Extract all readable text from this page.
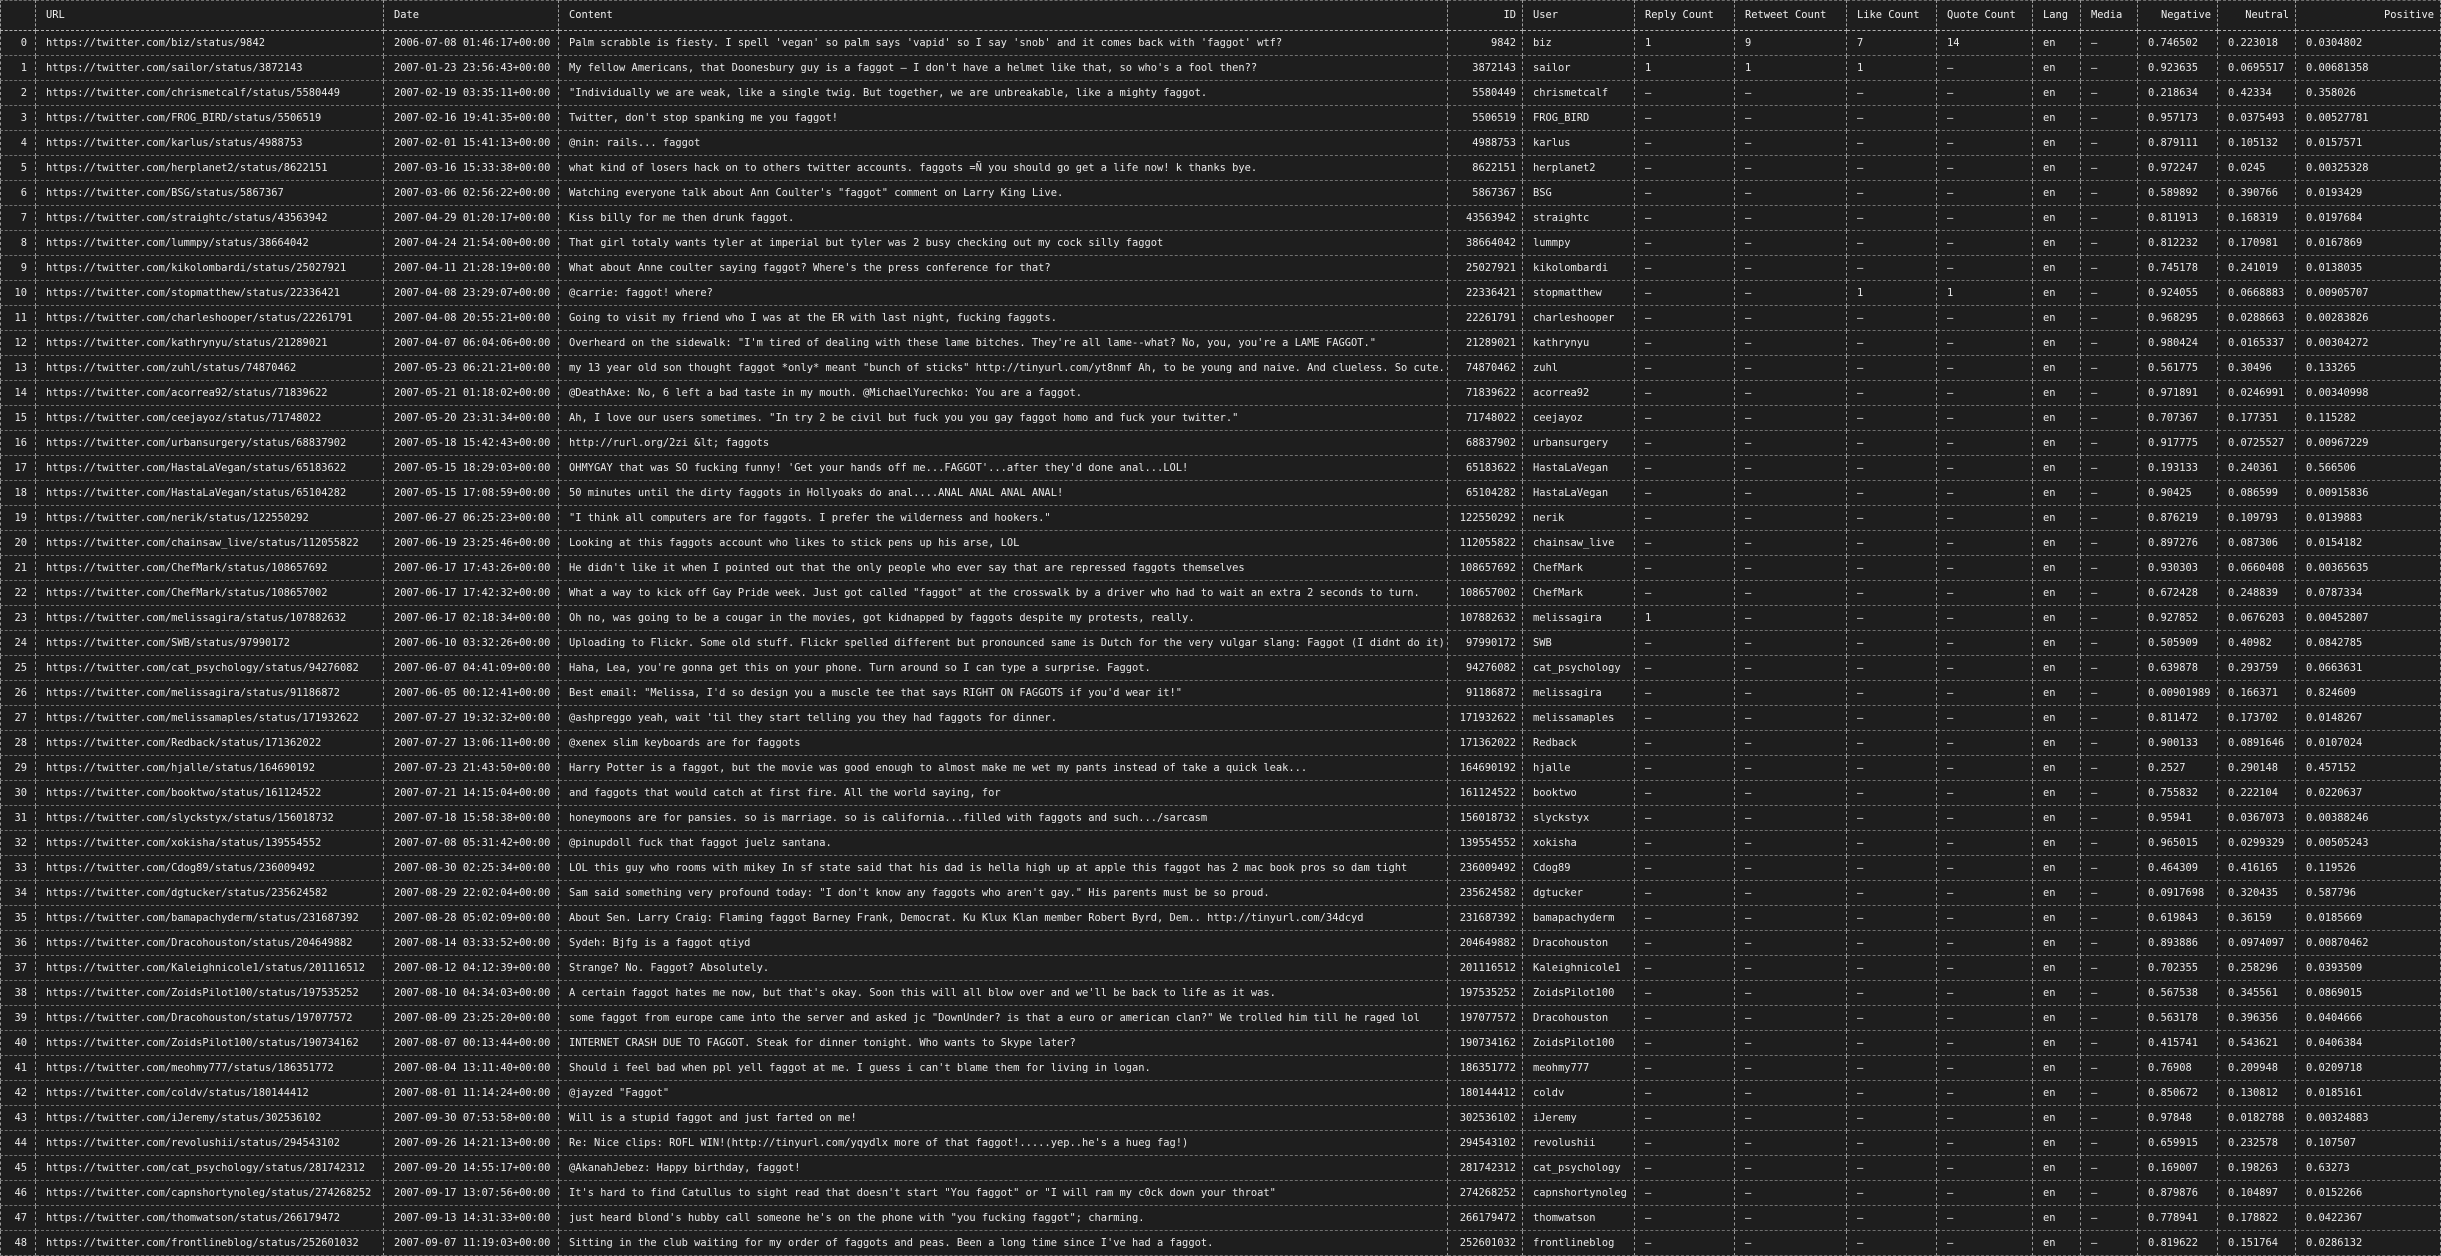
	URL	Date	Content	ID	User	Reply Count	Retweet Count	Like Count	Quote Count	Lang	Media	Negative	Neutral	Positive
0	https://twitter.com/biz/status/9842	2006-07-08 01:46:17+00:00	Palm scrabble is fiesty. I spell 'vegan' so palm says 'vapid' so I say 'snob' and it comes back with 'faggot' wtf?	9842	biz	1	9	7	14	en	–	0.746502	0.223018	0.0304802
1	https://twitter.com/sailor/status/3872143	2007-01-23 23:56:43+00:00	My fellow Americans, that Doonesbury guy is a faggot – I don't have a helmet like that, so who's a fool then??	3872143	sailor	1	1	1	–	en	–	0.923635	0.0695517	0.00681358
2	https://twitter.com/chrismetcalf/status/5580449	2007-02-19 03:35:11+00:00	"Individually we are weak, like a single twig. But together, we are unbreakable, like a mighty faggot.	5580449	chrismetcalf	–	–	–	–	en	–	0.218634	0.42334	0.358026
3	https://twitter.com/FROG_BIRD/status/5506519	2007-02-16 19:41:35+00:00	Twitter, don't stop spanking me you faggot!	5506519	FROG_BIRD	–	–	–	–	en	–	0.957173	0.0375493	0.00527781
4	https://twitter.com/karlus/status/4988753	2007-02-01 15:41:13+00:00	@nin: rails... faggot	4988753	karlus	–	–	–	–	en	–	0.879111	0.105132	0.0157571
5	https://twitter.com/herplanet2/status/8622151	2007-03-16 15:33:38+00:00	what kind of losers hack on to others twitter accounts. faggots =Ñ you should go get a life now! k thanks bye.	8622151	herplanet2	–	–	–	–	en	–	0.972247	0.0245	0.00325328
6	https://twitter.com/BSG/status/5867367	2007-03-06 02:56:22+00:00	Watching everyone talk about Ann Coulter's "faggot" comment on Larry King Live.	5867367	BSG	–	–	–	–	en	–	0.589892	0.390766	0.0193429
7	https://twitter.com/straightc/status/43563942	2007-04-29 01:20:17+00:00	Kiss billy for me then drunk faggot.	43563942	straightc	–	–	–	–	en	–	0.811913	0.168319	0.0197684
8	https://twitter.com/lummpy/status/38664042	2007-04-24 21:54:00+00:00	That girl totaly wants tyler at imperial but tyler was 2 busy checking out my cock silly faggot	38664042	lummpy	–	–	–	–	en	–	0.812232	0.170981	0.0167869
9	https://twitter.com/kikolombardi/status/25027921	2007-04-11 21:28:19+00:00	What about Anne coulter saying faggot? Where's the press conference for that?	25027921	kikolombardi	–	–	–	–	en	–	0.745178	0.241019	0.0138035
10	https://twitter.com/stopmatthew/status/22336421	2007-04-08 23:29:07+00:00	@carrie: faggot! where?	22336421	stopmatthew	–	–	1	1	en	–	0.924055	0.0668883	0.00905707
11	https://twitter.com/charleshooper/status/22261791	2007-04-08 20:55:21+00:00	Going to visit my friend who I was at the ER with last night, fucking faggots.	22261791	charleshooper	–	–	–	–	en	–	0.968295	0.0288663	0.00283826
12	https://twitter.com/kathrynyu/status/21289021	2007-04-07 06:04:06+00:00	Overheard on the sidewalk: "I'm tired of dealing with these lame bitches. They're all lame--what? No, you, you're a LAME FAGGOT."	21289021	kathrynyu	–	–	–	–	en	–	0.980424	0.0165337	0.00304272
13	https://twitter.com/zuhl/status/74870462	2007-05-23 06:21:21+00:00	my 13 year old son thought faggot *only* meant "bunch of sticks" http://tinyurl.com/yt8nmf Ah, to be young and naive. And clueless. So cute.	74870462	zuhl	–	–	–	–	en	–	0.561775	0.30496	0.133265
14	https://twitter.com/acorrea92/status/71839622	2007-05-21 01:18:02+00:00	@DeathAxe: No, 6 left a bad taste in my mouth. @MichaelYurechko: You are a faggot.	71839622	acorrea92	–	–	–	–	en	–	0.971891	0.0246991	0.00340998
15	https://twitter.com/ceejayoz/status/71748022	2007-05-20 23:31:34+00:00	Ah, I love our users sometimes. "In try 2 be civil but fuck you you gay faggot homo and fuck your twitter."	71748022	ceejayoz	–	–	–	–	en	–	0.707367	0.177351	0.115282
16	https://twitter.com/urbansurgery/status/68837902	2007-05-18 15:42:43+00:00	http://rurl.org/2zi &lt; faggots	68837902	urbansurgery	–	–	–	–	en	–	0.917775	0.0725527	0.00967229
17	https://twitter.com/HastaLaVegan/status/65183622	2007-05-15 18:29:03+00:00	OHMYGAY that was SO fucking funny! 'Get your hands off me...FAGGOT'...after they'd done anal...LOL!	65183622	HastaLaVegan	–	–	–	–	en	–	0.193133	0.240361	0.566506
18	https://twitter.com/HastaLaVegan/status/65104282	2007-05-15 17:08:59+00:00	50 minutes until the dirty faggots in Hollyoaks do anal....ANAL ANAL ANAL ANAL!	65104282	HastaLaVegan	–	–	–	–	en	–	0.90425	0.086599	0.00915836
19	https://twitter.com/nerik/status/122550292	2007-06-27 06:25:23+00:00	"I think all computers are for faggots. I prefer the wilderness and hookers."	122550292	nerik	–	–	–	–	en	–	0.876219	0.109793	0.0139883
20	https://twitter.com/chainsaw_live/status/112055822	2007-06-19 23:25:46+00:00	Looking at this faggots account who likes to stick pens up his arse, LOL	112055822	chainsaw_live	–	–	–	–	en	–	0.897276	0.087306	0.0154182
21	https://twitter.com/ChefMark/status/108657692	2007-06-17 17:43:26+00:00	He didn't like it when I pointed out that the only people who ever say that are repressed faggots themselves	108657692	ChefMark	–	–	–	–	en	–	0.930303	0.0660408	0.00365635
22	https://twitter.com/ChefMark/status/108657002	2007-06-17 17:42:32+00:00	What a way to kick off Gay Pride week. Just got called "faggot" at the crosswalk by a driver who had to wait an extra 2 seconds to turn.	108657002	ChefMark	–	–	–	–	en	–	0.672428	0.248839	0.0787334
23	https://twitter.com/melissagira/status/107882632	2007-06-17 02:18:34+00:00	Oh no, was going to be a cougar in the movies, got kidnapped by faggots despite my protests, really.	107882632	melissagira	1	–	–	–	en	–	0.927852	0.0676203	0.00452807
24	https://twitter.com/SWB/status/97990172	2007-06-10 03:32:26+00:00	Uploading to Flickr. Some old stuff. Flickr spelled different but pronounced same is Dutch for the very vulgar slang: Faggot (I didnt do it)	97990172	SWB	–	–	–	–	en	–	0.505909	0.40982	0.0842785
25	https://twitter.com/cat_psychology/status/94276082	2007-06-07 04:41:09+00:00	Haha, Lea, you're gonna get this on your phone. Turn around so I can type a surprise. Faggot.	94276082	cat_psychology	–	–	–	–	en	–	0.639878	0.293759	0.0663631
26	https://twitter.com/melissagira/status/91186872	2007-06-05 00:12:41+00:00	Best email: "Melissa, I'd so design you a muscle tee that says RIGHT ON FAGGOTS if you'd wear it!"	91186872	melissagira	–	–	–	–	en	–	0.00901989	0.166371	0.824609
27	https://twitter.com/melissamaples/status/171932622	2007-07-27 19:32:32+00:00	@ashpreggo yeah, wait 'til they start telling you they had faggots for dinner.	171932622	melissamaples	–	–	–	–	en	–	0.811472	0.173702	0.0148267
28	https://twitter.com/Redback/status/171362022	2007-07-27 13:06:11+00:00	@xenex slim keyboards are for faggots	171362022	Redback	–	–	–	–	en	–	0.900133	0.0891646	0.0107024
29	https://twitter.com/hjalle/status/164690192	2007-07-23 21:43:50+00:00	Harry Potter is a faggot, but the movie was good enough to almost make me wet my pants instead of take a quick leak...	164690192	hjalle	–	–	–	–	en	–	0.2527	0.290148	0.457152
30	https://twitter.com/booktwo/status/161124522	2007-07-21 14:15:04+00:00	and faggots that would catch at first fire. All the world saying, for	161124522	booktwo	–	–	–	–	en	–	0.755832	0.222104	0.0220637
31	https://twitter.com/slyckstyx/status/156018732	2007-07-18 15:58:38+00:00	honeymoons are for pansies. so is marriage. so is california...filled with faggots and such.../sarcasm	156018732	slyckstyx	–	–	–	–	en	–	0.95941	0.0367073	0.00388246
32	https://twitter.com/xokisha/status/139554552	2007-07-08 05:31:42+00:00	@pinupdoll fuck that faggot juelz santana.	139554552	xokisha	–	–	–	–	en	–	0.965015	0.0299329	0.00505243
33	https://twitter.com/Cdog89/status/236009492	2007-08-30 02:25:34+00:00	LOL this guy who rooms with mikey In sf state said that his dad is hella high up at apple this faggot has 2 mac book pros so dam tight	236009492	Cdog89	–	–	–	–	en	–	0.464309	0.416165	0.119526
34	https://twitter.com/dgtucker/status/235624582	2007-08-29 22:02:04+00:00	Sam said something very profound today: "I don't know any faggots who aren't gay." His parents must be so proud.	235624582	dgtucker	–	–	–	–	en	–	0.0917698	0.320435	0.587796
35	https://twitter.com/bamapachyderm/status/231687392	2007-08-28 05:02:09+00:00	About Sen. Larry Craig: Flaming faggot Barney Frank, Democrat. Ku Klux Klan member Robert Byrd, Dem.. http://tinyurl.com/34dcyd	231687392	bamapachyderm	–	–	–	–	en	–	0.619843	0.36159	0.0185669
36	https://twitter.com/Dracohouston/status/204649882	2007-08-14 03:33:52+00:00	Sydeh: Bjfg is a faggot qtiyd	204649882	Dracohouston	–	–	–	–	en	–	0.893886	0.0974097	0.00870462
37	https://twitter.com/Kaleighnicole1/status/201116512	2007-08-12 04:12:39+00:00	Strange? No. Faggot? Absolutely.	201116512	Kaleighnicole1	–	–	–	–	en	–	0.702355	0.258296	0.0393509
38	https://twitter.com/ZoidsPilot100/status/197535252	2007-08-10 04:34:03+00:00	A certain faggot hates me now, but that's okay. Soon this will all blow over and we'll be back to life as it was.	197535252	ZoidsPilot100	–	–	–	–	en	–	0.567538	0.345561	0.0869015
39	https://twitter.com/Dracohouston/status/197077572	2007-08-09 23:25:20+00:00	some faggot from europe came into the server and asked jc "DownUnder? is that a euro or american clan?" We trolled him till he raged lol	197077572	Dracohouston	–	–	–	–	en	–	0.563178	0.396356	0.0404666
40	https://twitter.com/ZoidsPilot100/status/190734162	2007-08-07 00:13:44+00:00	INTERNET CRASH DUE TO FAGGOT. Steak for dinner tonight. Who wants to Skype later?	190734162	ZoidsPilot100	–	–	–	–	en	–	0.415741	0.543621	0.0406384
41	https://twitter.com/meohmy777/status/186351772	2007-08-04 13:11:40+00:00	Should i feel bad when ppl yell faggot at me. I guess i can't blame them for living in logan.	186351772	meohmy777	–	–	–	–	en	–	0.76908	0.209948	0.0209718
42	https://twitter.com/coldv/status/180144412	2007-08-01 11:14:24+00:00	@jayzed "Faggot"	180144412	coldv	–	–	–	–	en	–	0.850672	0.130812	0.0185161
43	https://twitter.com/iJeremy/status/302536102	2007-09-30 07:53:58+00:00	Will is a stupid faggot and just farted on me!	302536102	iJeremy	–	–	–	–	en	–	0.97848	0.0182788	0.00324883
44	https://twitter.com/revolushii/status/294543102	2007-09-26 14:21:13+00:00	Re: Nice clips: ROFL WIN!(http://tinyurl.com/yqydlx more of that faggot!.....yep..he's a hueg fag!)	294543102	revolushii	–	–	–	–	en	–	0.659915	0.232578	0.107507
45	https://twitter.com/cat_psychology/status/281742312	2007-09-20 14:55:17+00:00	@AkanahJebez: Happy birthday, faggot!	281742312	cat_psychology	–	–	–	–	en	–	0.169007	0.198263	0.63273
46	https://twitter.com/capnshortynoleg/status/274268252	2007-09-17 13:07:56+00:00	It's hard to find Catullus to sight read that doesn't start "You faggot" or "I will ram my c0ck down your throat"	274268252	capnshortynoleg	–	–	–	–	en	–	0.879876	0.104897	0.0152266
47	https://twitter.com/thomwatson/status/266179472	2007-09-13 14:31:33+00:00	just heard blond's hubby call someone he's on the phone with "you fucking faggot"; charming.	266179472	thomwatson	–	–	–	–	en	–	0.778941	0.178822	0.0422367
48	https://twitter.com/frontlineblog/status/252601032	2007-09-07 11:19:03+00:00	Sitting in the club waiting for my order of faggots and peas. Been a long time since I've had a faggot.	252601032	frontlineblog	–	–	–	–	en	–	0.819622	0.151764	0.0286132
